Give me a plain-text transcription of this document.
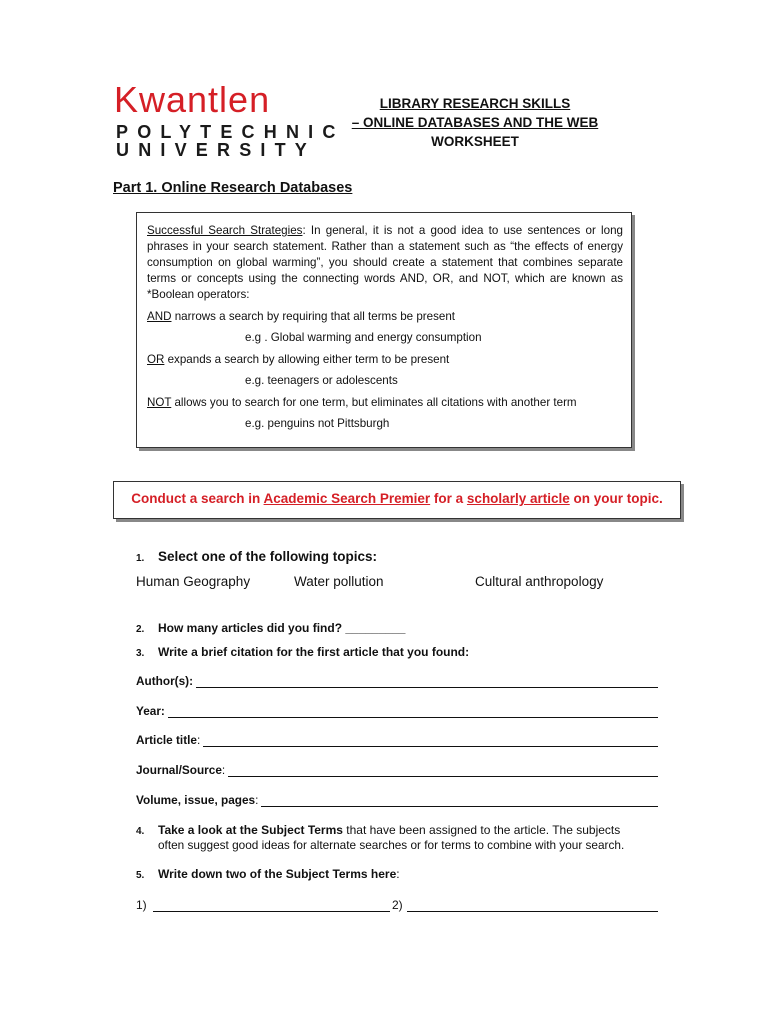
Kwantlen
POLYTECHNIC
UNIVERSITY
LIBRARY RESEARCH SKILLS
– ONLINE DATABASES AND THE WEB
WORKSHEET
Part 1. Online Research Databases

Successful Search Strategies: In general, it is not a good idea to use sentences or long phrases in your search statement. Rather than a statement such as “the effects of energy consumption on global warming”, you should create a statement that combines separate terms or concepts using the connecting words AND, OR, and NOT, which are known as *Boolean operators:

AND narrows a search by requiring that all terms be present
e.g . Global warming and energy consumption
OR expands a search by allowing either term to be present
e.g. teenagers or adolescents
NOT allows you to search for one term, but eliminates all citations with another term
e.g. penguins not Pittsburgh
Conduct a search in Academic Search Premier for a scholarly article on your topic.
1. Select one of the following topics:
Human Geography	Water pollution	Cultural anthropology
2. How many articles did you find? _________
3. Write a brief citation for the first article that you found:
Author(s):
Year:
Article title :
Journal/Source :
Volume, issue, pages :
4. Take a look at the Subject Terms that have been assigned to the article. The subjects
often suggest good ideas for alternate searches or for terms to combine with your search.
5. Write down two of the Subject Terms here:
1)	2)
